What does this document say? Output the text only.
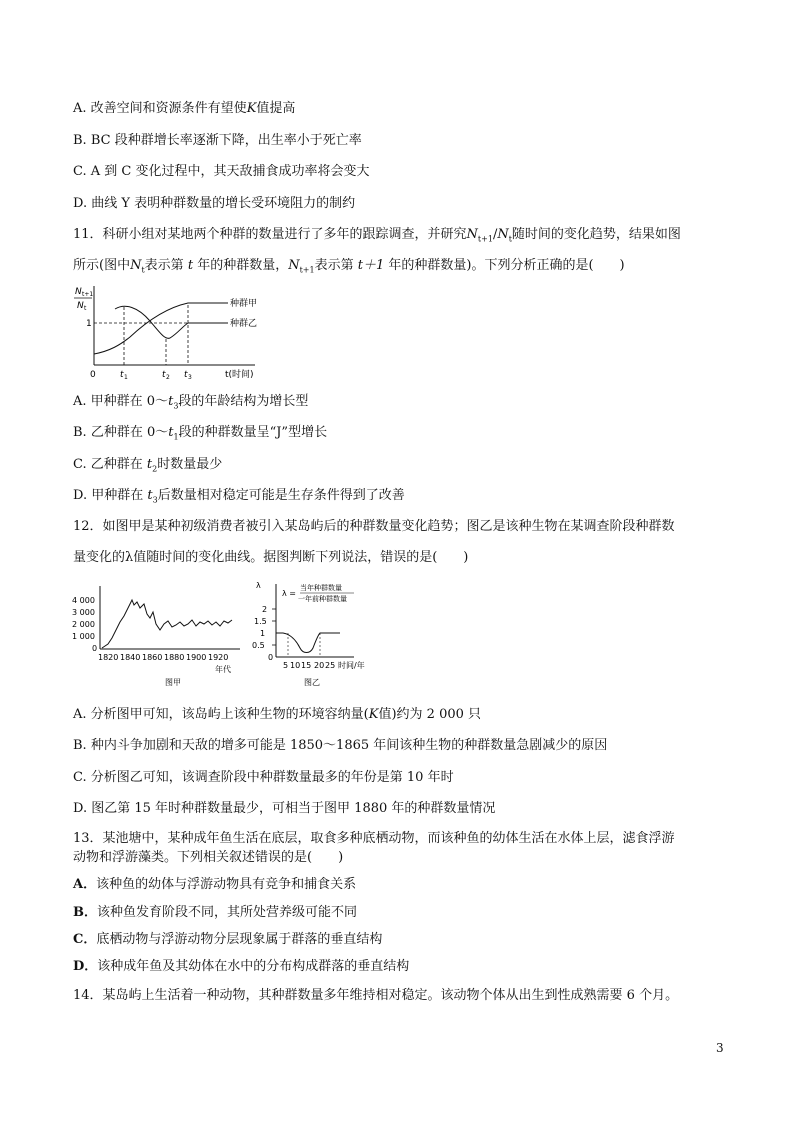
A. 改善空间和资源条件有望使K值提高
B. BC 段种群增长率逐渐下降，出生率小于死亡率
C. A 到 C 变化过程中，其天敌捕食成功率将会变大
D. 曲线 Y 表明种群数量的增长受环境阻力的制约
11．科研小组对某地两个种群的数量进行了多年的跟踪调查，并研究$N_{t+1}/N_t$随时间的变化趋势，结果如图
所示(图中$N_t$表示第 t 年的种群数量，$N_{t+1}$表示第 t＋1 年的种群数量)。下列分析正确的是(　　)
N t+1
N t
1
种群甲
种群乙
0	t 1	t 2 t 3	t(时间)
A. 甲种群在 $0\sim t_3$段的年龄结构为增长型
B. 乙种群在 $0\sim t_1$段的种群数量呈“J”型增长
C. 乙种群在 $t_2$时数量最少
D. 甲种群在 $t_3$后数量相对稳定可能是生存条件得到了改善
12．如图甲是某种初级消费者被引入某岛屿后的种群数量变化趋势；图乙是该种生物在某调查阶段种群数
量变化的λ值随时间的变化曲线。据图判断下列说法，错误的是(　　)
4 000
3 000
2 000
1 000
0
1820 1840 1860 1880 1900 1920
年代
图甲
λ
λ =
当年种群数量
一年前种群数量
2
1.5
1
0.5
0
5 10 15 20 25 时间/年
图乙
A. 分析图甲可知，该岛屿上该种生物的环境容纳量(K值)约为 2 000 只
B. 种内斗争加剧和天敌的增多可能是 1850～1865 年间该种生物的种群数量急剧减少的原因
C. 分析图乙可知，该调查阶段中种群数量最多的年份是第 10 年时
D. 图乙第 15 年时种群数量最少，可相当于图甲 1880 年的种群数量情况
13．某池塘中，某种成年鱼生活在底层，取食多种底栖动物，而该种鱼的幼体生活在水体上层，滤食浮游
动物和浮游藻类。下列相关叙述错误的是(　　)
A．该种鱼的幼体与浮游动物具有竞争和捕食关系
B．该种鱼发育阶段不同，其所处营养级可能不同
C．底栖动物与浮游动物分层现象属于群落的垂直结构
D．该种成年鱼及其幼体在水中的分布构成群落的垂直结构
14．某岛屿上生活着一种动物，其种群数量多年维持相对稳定。该动物个体从出生到性成熟需要 6 个月。
3
